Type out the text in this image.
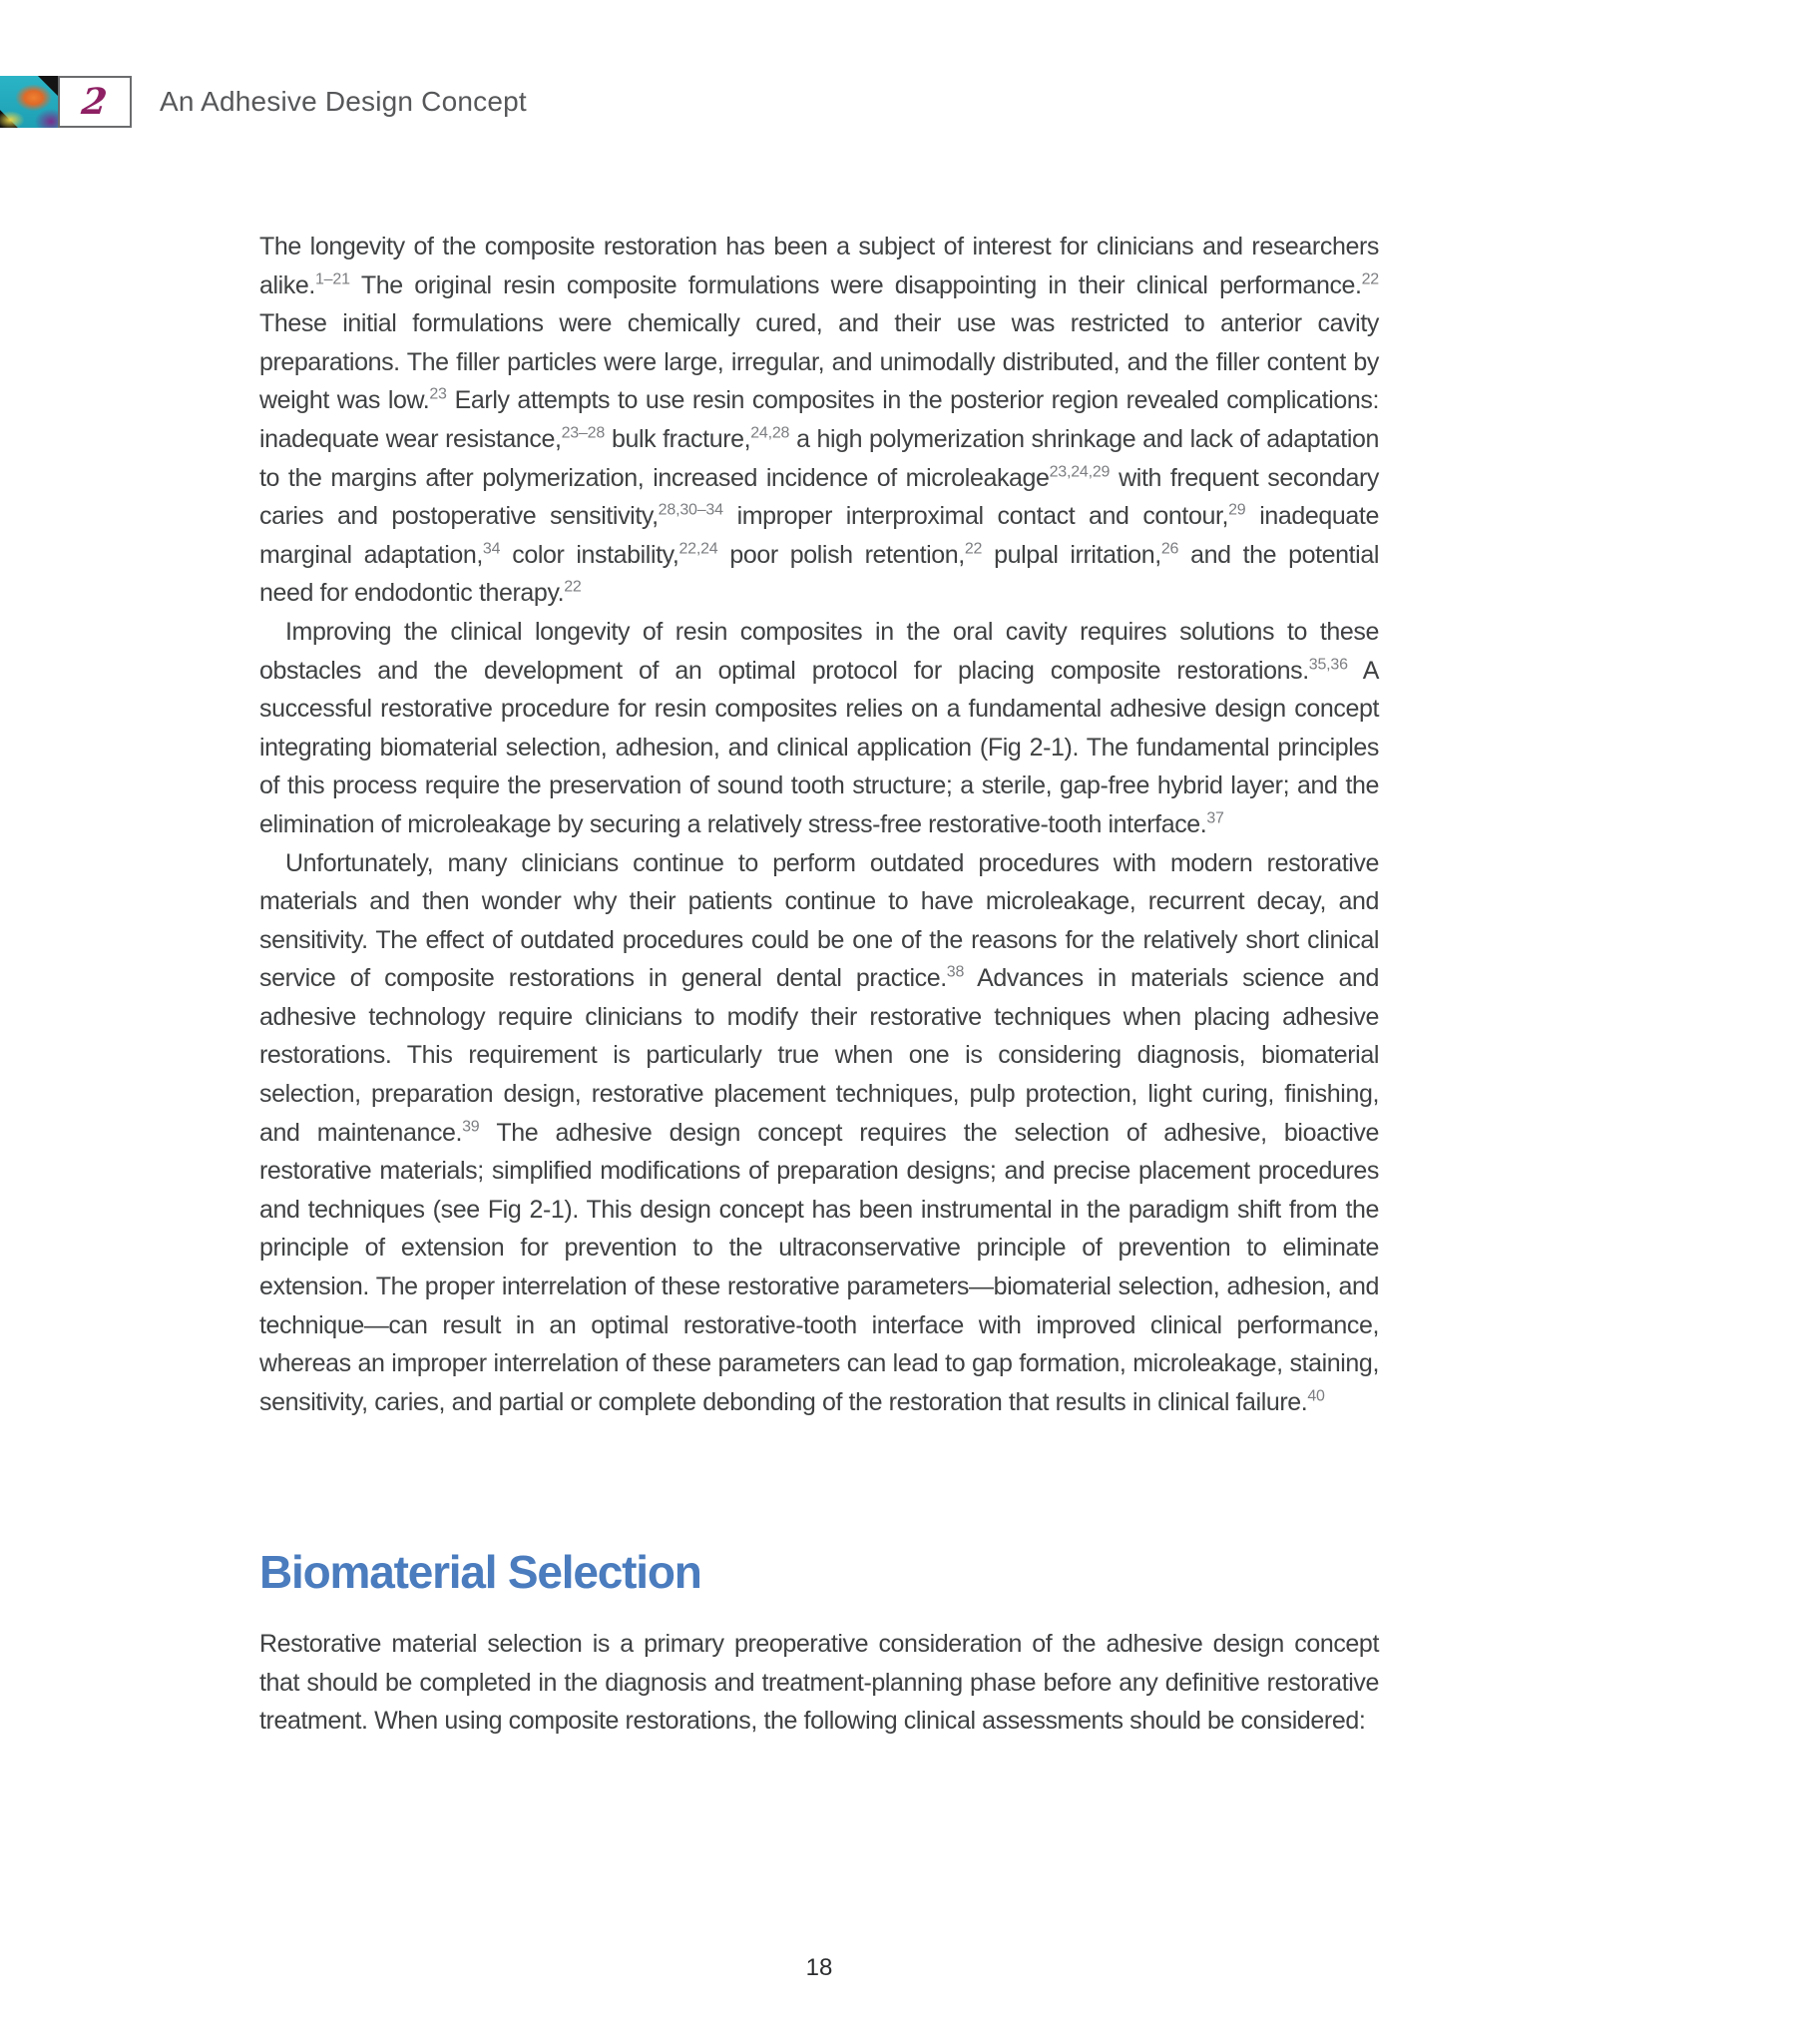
2 An Adhesive Design Concept

The longevity of the composite restoration has been a subject of interest for clinicians and researchers alike.$^{1-21}$ The original resin composite formulations were disappointing in their clinical performance.$^{22}$ These initial formulations were chemically cured, and their use was restricted to anterior cavity preparations. The filler particles were large, irregular, and unimodally distributed, and the filler content by weight was low.$^{23}$ Early attempts to use resin composites in the posterior region revealed complications: inadequate wear resistance,$^{23-28}$ bulk fracture,$^{24,28}$ a high polymerization shrinkage and lack of adaptation to the margins after polymerization, increased incidence of microleakage$^{23,24,29}$ with frequent secondary caries and postoperative sensitivity,$^{28,30-34}$ improper interproximal contact and contour,$^{29}$ inadequate marginal adaptation,$^{34}$ color instability,$^{22,24}$ poor polish retention,$^{22}$ pulpal irritation,$^{26}$ and the potential need for endodontic therapy.$^{22}$

Improving the clinical longevity of resin composites in the oral cavity requires solutions to these obstacles and the development of an optimal protocol for placing composite restorations.$^{35,36}$ A successful restorative procedure for resin composites relies on a fundamental adhesive design concept integrating biomaterial selection, adhesion, and clinical application (Fig 2-1). The fundamental principles of this process require the preservation of sound tooth structure; a sterile, gap-free hybrid layer; and the elimination of microleakage by securing a relatively stress-free restorative-tooth interface.$^{37}$

Unfortunately, many clinicians continue to perform outdated procedures with modern restorative materials and then wonder why their patients continue to have microleakage, recurrent decay, and sensitivity. The effect of outdated procedures could be one of the reasons for the relatively short clinical service of composite restorations in general dental practice.$^{38}$ Advances in materials science and adhesive technology require clinicians to modify their restorative techniques when placing adhesive restorations. This requirement is particularly true when one is considering diagnosis, biomaterial selection, preparation design, restorative placement techniques, pulp protection, light curing, finishing, and maintenance.$^{39}$ The adhesive design concept requires the selection of adhesive, bioactive restorative materials; simplified modifications of preparation designs; and precise placement procedures and techniques (see Fig 2-1). This design concept has been instrumental in the paradigm shift from the principle of extension for prevention to the ultraconservative principle of prevention to eliminate extension. The proper interrelation of these restorative parameters—biomaterial selection, adhesion, and technique—can result in an optimal restorative-tooth interface with improved clinical performance, whereas an improper interrelation of these parameters can lead to gap formation, microleakage, staining, sensitivity, caries, and partial or complete debonding of the restoration that results in clinical failure.$^{40}$

Biomaterial Selection

Restorative material selection is a primary preoperative consideration of the adhesive design concept that should be completed in the diagnosis and treatment-planning phase before any definitive restorative treatment. When using composite restorations, the following clinical assessments should be considered:

18
